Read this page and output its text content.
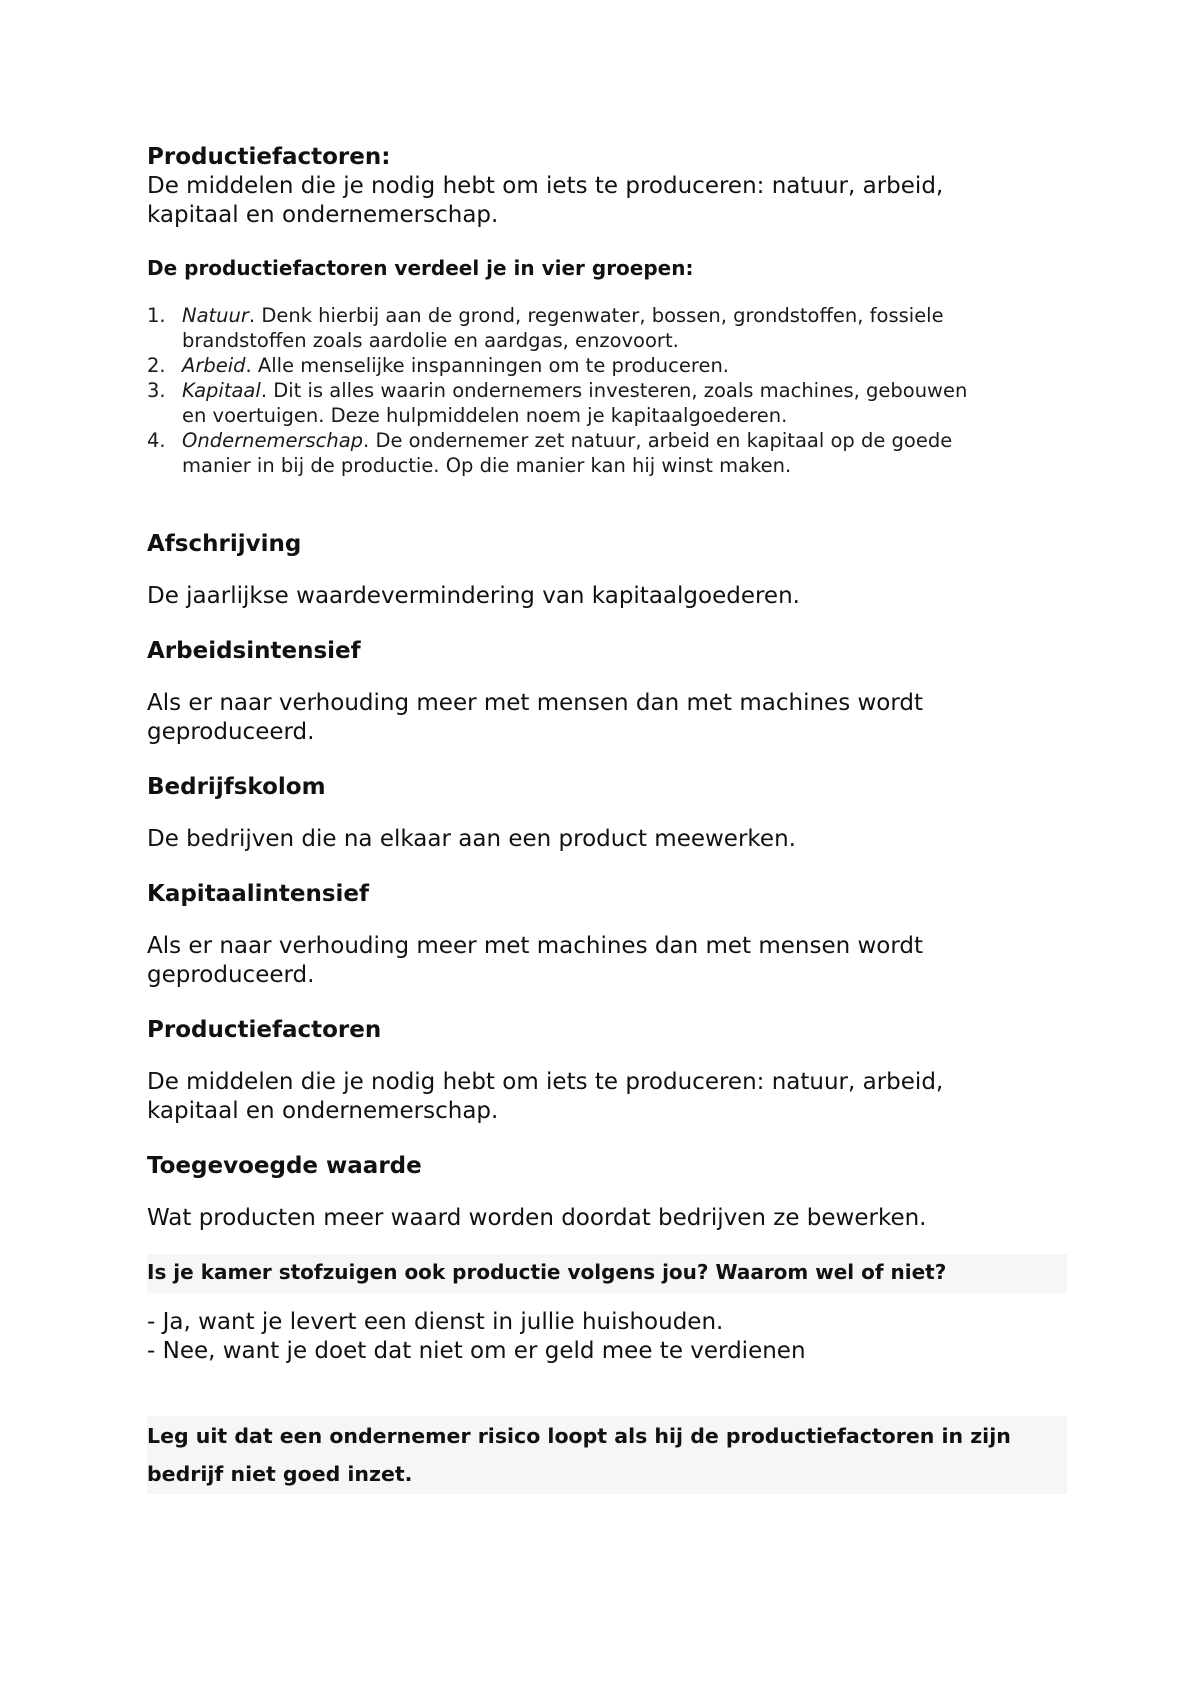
Productiefactoren:
De middelen die je nodig hebt om iets te produceren: natuur, arbeid, kapitaal en ondernemerschap.
De productiefactoren verdeel je in vier groepen:
1. Natuur. Denk hierbij aan de grond, regenwater, bossen, grondstoffen, fossiele
brandstoffen zoals aardolie en aardgas, enzovoort.
2. Arbeid. Alle menselijke inspanningen om te produceren.
3. Kapitaal. Dit is alles waarin ondernemers investeren, zoals machines, gebouwen
en voertuigen. Deze hulpmiddelen noem je kapitaalgoederen.
4. Ondernemerschap. De ondernemer zet natuur, arbeid en kapitaal op de goede
manier in bij de productie. Op die manier kan hij winst maken.
Afschrijving

De jaarlijkse waardevermindering van kapitaalgoederen.

Arbeidsintensief

Als er naar verhouding meer met mensen dan met machines wordt
geproduceerd.

Bedrijfskolom

De bedrijven die na elkaar aan een product meewerken.

Kapitaalintensief

Als er naar verhouding meer met machines dan met mensen wordt
geproduceerd.

Productiefactoren

De middelen die je nodig hebt om iets te produceren: natuur, arbeid,
kapitaal en ondernemerschap.

Toegevoegde waarde

Wat producten meer waard worden doordat bedrijven ze bewerken.

Is je kamer stofzuigen ook productie volgens jou? Waarom wel of niet?
- Ja, want je levert een dienst in jullie huishouden.
- Nee, want je doet dat niet om er geld mee te verdienen
Leg uit dat een ondernemer risico loopt als hij de productiefactoren in zijn
bedrijf niet goed inzet.
